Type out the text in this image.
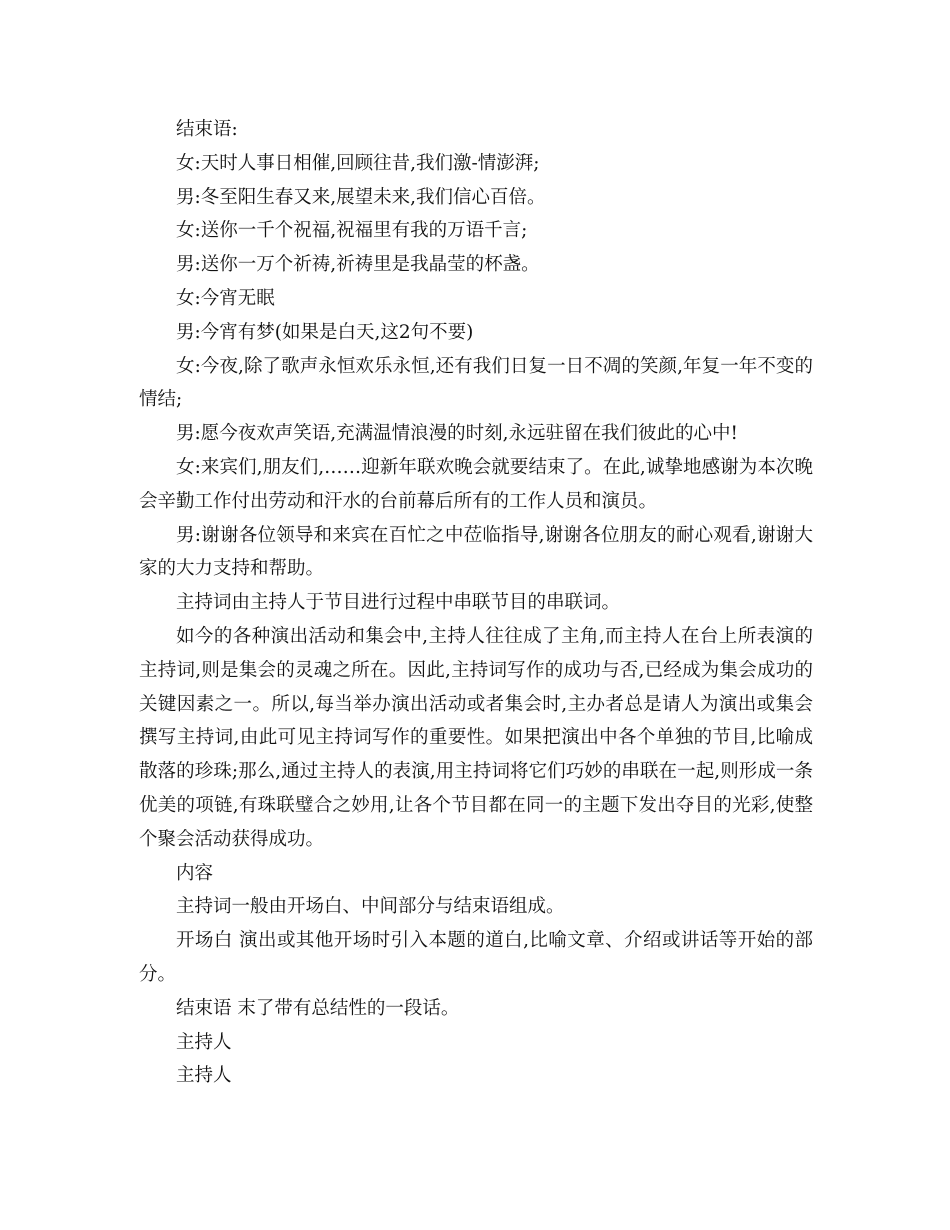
结束语:

女:天时人事日相催,回顾往昔,我们激-情澎湃;

男:冬至阳生春又来,展望未来,我们信心百倍。

女:送你一千个祝福,祝福里有我的万语千言;

男:送你一万个祈祷,祈祷里是我晶莹的杯盏。

女:今宵无眠

男:今宵有梦(如果是白天,这2句不要)

女:今夜,除了歌声永恒欢乐永恒,还有我们日复一日不凋的笑颜,年复一年不变的情结;

男:愿今夜欢声笑语,充满温情浪漫的时刻,永远驻留在我们彼此的心中!

女:来宾们,朋友们,……迎新年联欢晚会就要结束了。在此,诚挚地感谢为本次晚会辛勤工作付出劳动和汗水的台前幕后所有的工作人员和演员。

男:谢谢各位领导和来宾在百忙之中莅临指导,谢谢各位朋友的耐心观看,谢谢大家的大力支持和帮助。

主持词由主持人于节目进行过程中串联节目的串联词。

如今的各种演出活动和集会中,主持人往往成了主角,而主持人在台上所表演的主持词,则是集会的灵魂之所在。因此,主持词写作的成功与否,已经成为集会成功的关键因素之一。所以,每当举办演出活动或者集会时,主办者总是请人为演出或集会撰写主持词,由此可见主持词写作的重要性。如果把演出中各个单独的节目,比喻成散落的珍珠;那么,通过主持人的表演,用主持词将它们巧妙的串联在一起,则形成一条优美的项链,有珠联璧合之妙用,让各个节目都在同一的主题下发出夺目的光彩,使整个聚会活动获得成功。

内容

主持词一般由开场白、中间部分与结束语组成。

开场白 演出或其他开场时引入本题的道白,比喻文章、介绍或讲话等开始的部分。

结束语 末了带有总结性的一段话。

主持人

主持人
